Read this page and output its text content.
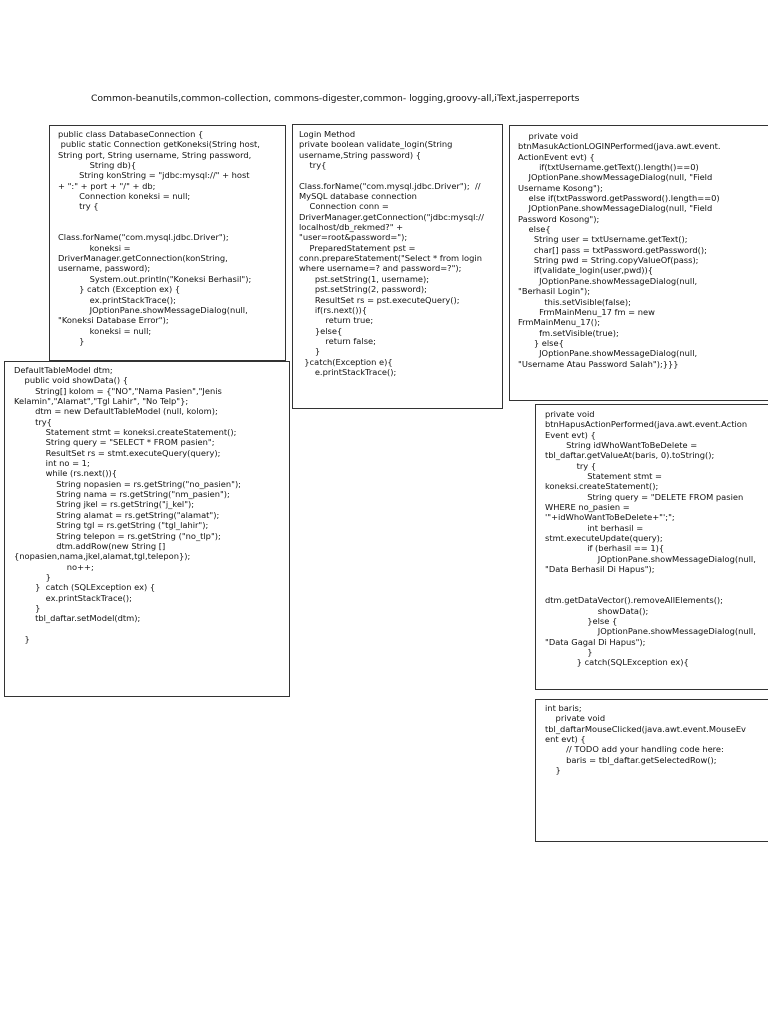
Common-beanutils,common-collection, commons-digester,common- logging,groovy-all,iText,jasperreports
public class DatabaseConnection {
public static Connection getKoneksi(String host,
String port, String username, String password,
String db){
String konString = "jdbc:mysql://" + host
+ ":" + port + "/" + db;
Connection koneksi = null;
try {

Class.forName("com.mysql.jdbc.Driver");
koneksi =
DriverManager.getConnection(konString,
username, password);
System.out.println("Koneksi Berhasil");
} catch (Exception ex) {
ex.printStackTrace();
JOptionPane.showMessageDialog(null,
"Koneksi Database Error");
koneksi = null;
}
Login Method
private boolean validate_login(String
username,String password) {
try{

Class.forName("com.mysql.jdbc.Driver");  //
MySQL database connection
Connection conn =
DriverManager.getConnection("jdbc:mysql://
localhost/db_rekmed?" +
"user=root&password=");
PreparedStatement pst =
conn.prepareStatement("Select * from login
where username=? and password=?");
pst.setString(1, username);
pst.setString(2, password);
ResultSet rs = pst.executeQuery();
if(rs.next()){
return true;
}else{
return false;
}
}catch(Exception e){
e.printStackTrace();
private void
btnMasukActionLOGINPerformed(java.awt.event.
ActionEvent evt) {
if(txtUsername.getText().length()==0)
JOptionPane.showMessageDialog(null, "Field
Username Kosong");
else if(txtPassword.getPassword().length==0)
JOptionPane.showMessageDialog(null, "Field
Password Kosong");
else{
String user = txtUsername.getText();
char[] pass = txtPassword.getPassword();
String pwd = String.copyValueOf(pass);
if(validate_login(user,pwd)){
JOptionPane.showMessageDialog(null,
"Berhasil Login");
this.setVisible(false);
FrmMainMenu_17 fm = new
FrmMainMenu_17();
fm.setVisible(true);
} else{
JOptionPane.showMessageDialog(null,
"Username Atau Password Salah");}}}
DefaultTableModel dtm;
public void showData() {
String[] kolom = {"NO","Nama Pasien","Jenis
Kelamin","Alamat","Tgl Lahir", "No Telp"};
dtm = new DefaultTableModel (null, kolom);
try{
Statement stmt = koneksi.createStatement();
String query = "SELECT * FROM pasien";
ResultSet rs = stmt.executeQuery(query);
int no = 1;
while (rs.next()){
String nopasien = rs.getString("no_pasien");
String nama = rs.getString("nm_pasien");
String jkel = rs.getString("j_kel");
String alamat = rs.getString("alamat");
String tgl = rs.getString ("tgl_lahir");
String telepon = rs.getString ("no_tlp");
dtm.addRow(new String []
{nopasien,nama,jkel,alamat,tgl,telepon});
no++;
}
}  catch (SQLException ex) {
ex.printStackTrace();
}
tbl_daftar.setModel(dtm);

}
private void
btnHapusActionPerformed(java.awt.event.Action
Event evt) {
String idWhoWantToBeDelete =
tbl_daftar.getValueAt(baris, 0).toString();
try {
Statement stmt =
koneksi.createStatement();
String query = "DELETE FROM pasien
WHERE no_pasien =
'"+idWhoWantToBeDelete+"';";
int berhasil =
stmt.executeUpdate(query);
if (berhasil == 1){
JOptionPane.showMessageDialog(null,
"Data Berhasil Di Hapus");

dtm.getDataVector().removeAllElements();
showData();
}else {
JOptionPane.showMessageDialog(null,
"Data Gagal Di Hapus");
}
} catch(SQLException ex){
int baris;
private void
tbl_daftarMouseClicked(java.awt.event.MouseEv
ent evt) {
// TODO add your handling code here:
baris = tbl_daftar.getSelectedRow();
}
